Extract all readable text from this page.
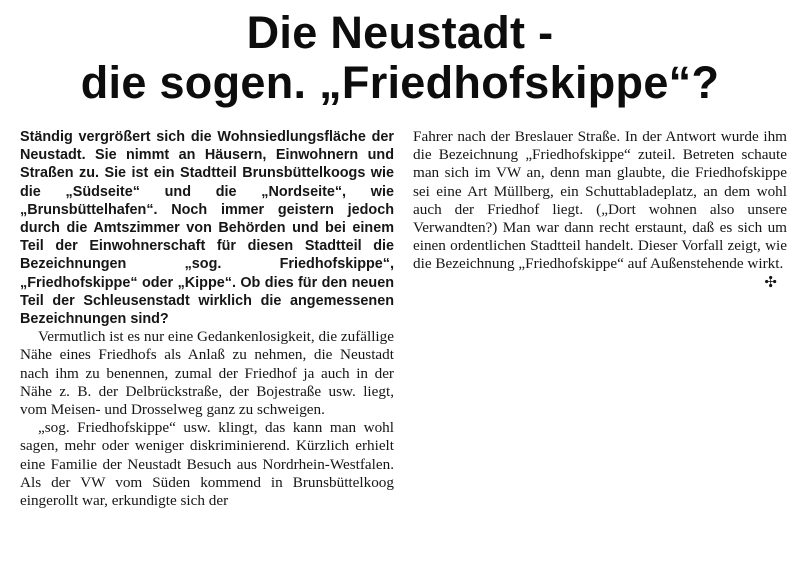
Die Neustadt -
die sogen. „Friedhofskippe“?

Ständig vergrößert sich die Wohnsiedlungsfläche der Neustadt. Sie nimmt an Häusern, Einwohnern und Straßen zu. Sie ist ein Stadtteil Brunsbüttelkoogs wie die „Südseite“ und die „Nordseite“, wie „Brunsbüttelhafen“. Noch immer geistern jedoch durch die Amtszimmer von Behörden und bei einem Teil der Einwohnerschaft für diesen Stadtteil die Bezeichnungen „sog. Friedhofskippe“, „Friedhofskippe“ oder „Kippe“. Ob dies für den neuen Teil der Schleusenstadt wirklich die angemessenen Bezeichnungen sind?

Vermutlich ist es nur eine Gedankenlosigkeit, die zufällige Nähe eines Friedhofs als Anlaß zu nehmen, die Neustadt nach ihm zu benennen, zumal der Friedhof ja auch in der Nähe z. B. der Delbrückstraße, der Bojestraße usw. liegt, vom Meisen- und Drosselweg ganz zu schweigen.

„sog. Friedhofskippe“ usw. klingt, das kann man wohl sagen, mehr oder weniger diskriminierend. Kürzlich erhielt eine Familie der Neustadt Besuch aus Nordrhein-Westfalen. Als der VW vom Süden kommend in Brunsbüttelkoog eingerollt war, erkundigte sich der

Fahrer nach der Breslauer Straße. In der Antwort wurde ihm die Bezeichnung „Friedhofskippe“ zuteil. Betreten schaute man sich im VW an, denn man glaubte, die Friedhofskippe sei eine Art Müllberg, ein Schuttabladeplatz, an dem wohl auch der Friedhof liegt. („Dort wohnen also unsere Verwandten?) Man war dann recht erstaunt, daß es sich um einen ordentlichen Stadtteil handelt. Dieser Vorfall zeigt, wie die Bezeichnung „Friedhofskippe“ auf Außenstehende wirkt.

✣
